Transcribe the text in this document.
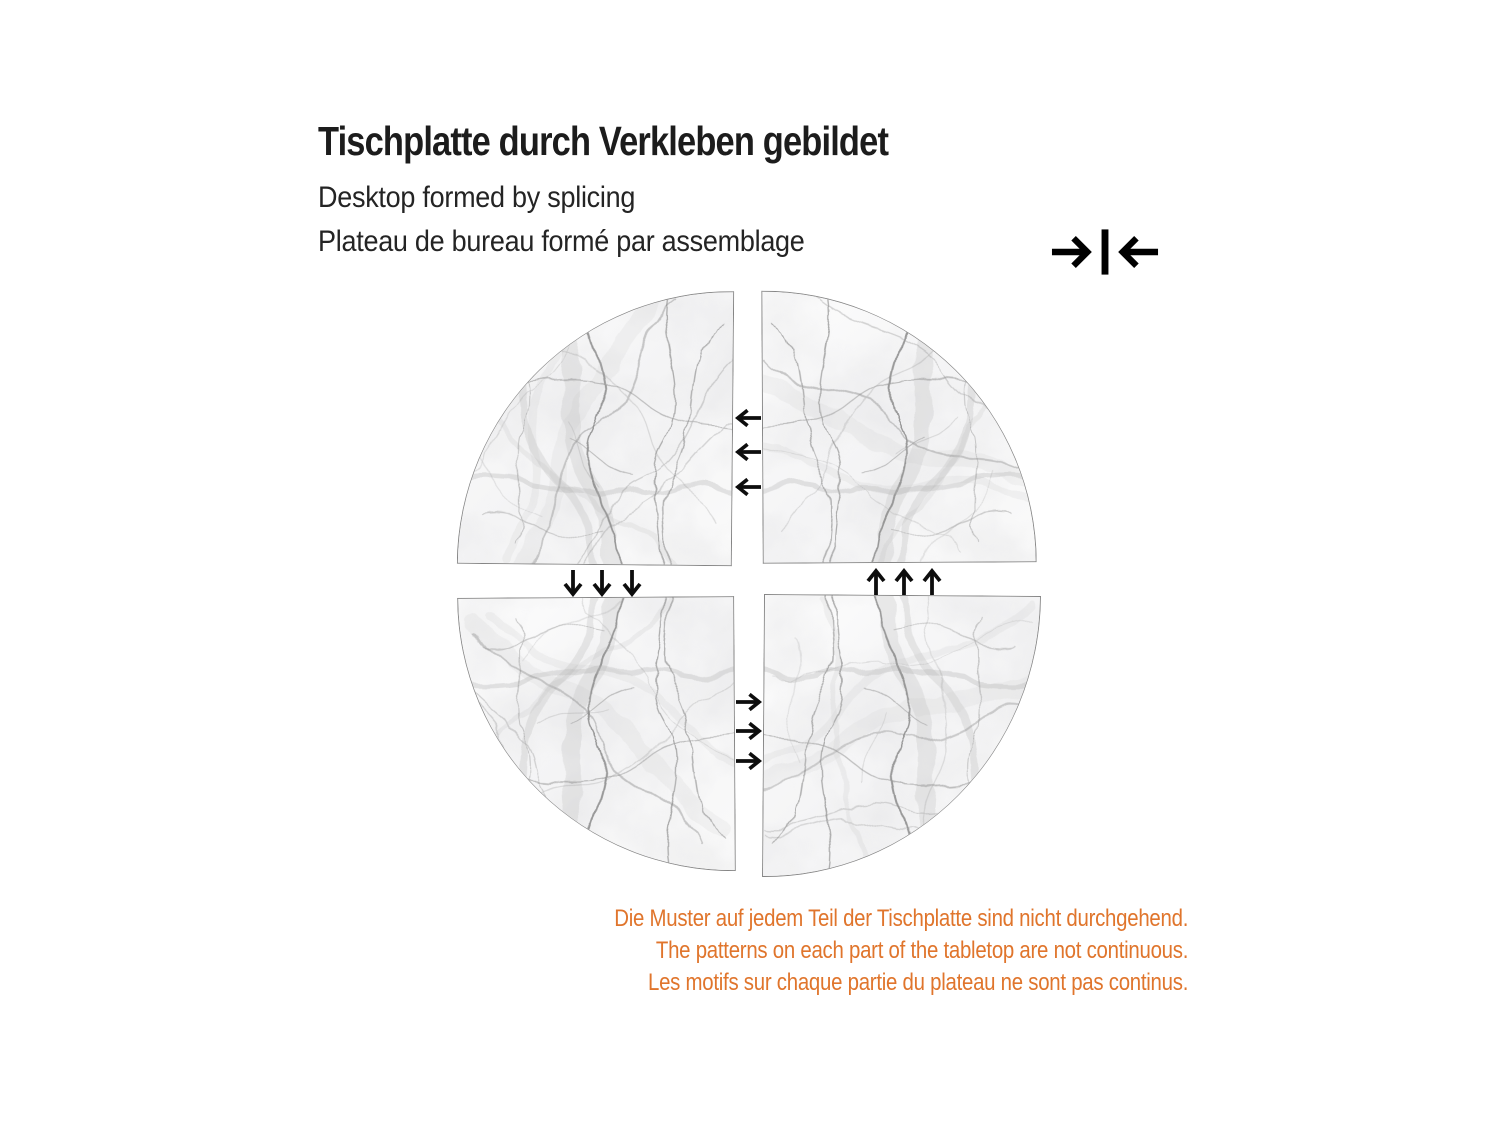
Tischplatte durch Verkleben gebildet

Desktop formed by splicing

Plateau de bureau formé par assemblage

Die Muster auf jedem Teil der Tischplatte sind nicht durchgehend.

The patterns on each part of the tabletop are not continuous.

Les motifs sur chaque partie du plateau ne sont pas continus.
